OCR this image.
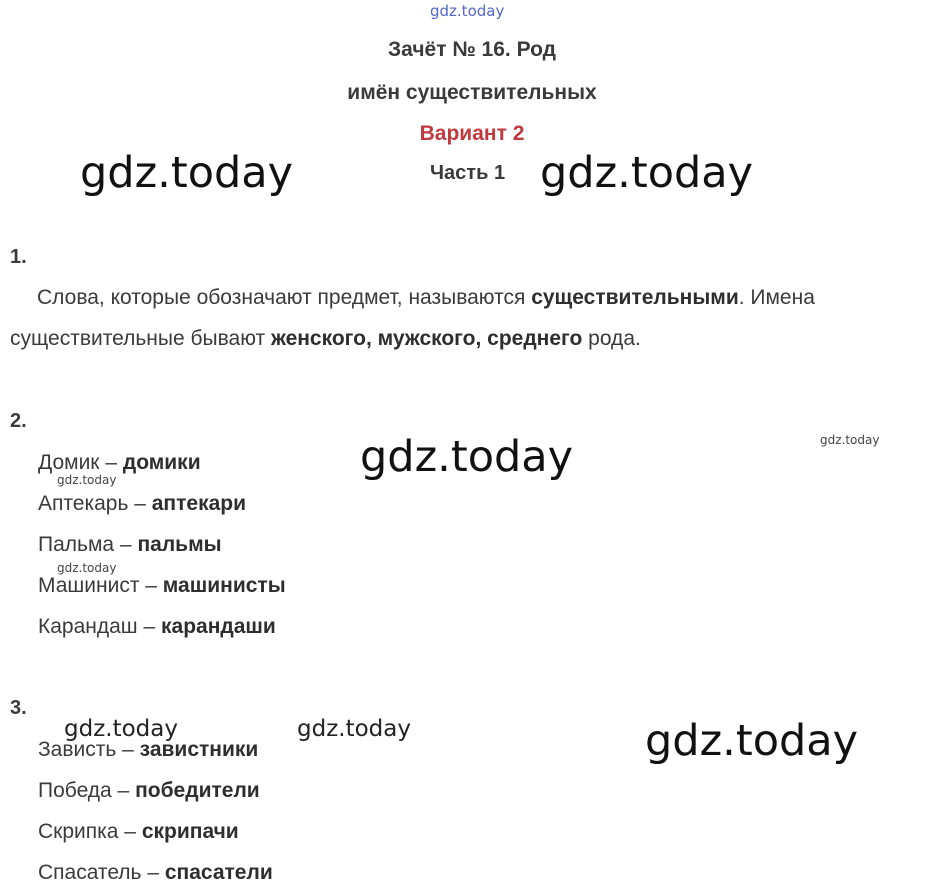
gdz.today
gdz.today	gdz.today
gdz.today
gdz.today
gdz.today
gdz.today
gdz.today
gdz.today	gdz.today
Зачёт № 16. Род
имён существительных
Вариант 2
Часть 1
1.
Слова, которые обозначают предмет, называются существительными. Имена
существительные бывают женского, мужского, среднего рода.
2.
Домик – домики
Аптекарь – аптекари
Пальма – пальмы
Машинист – машинисты
Карандаш – карандаши
3.
Зависть – завистники
Победа – победители
Скрипка – скрипачи
Спасатель – спасатели
